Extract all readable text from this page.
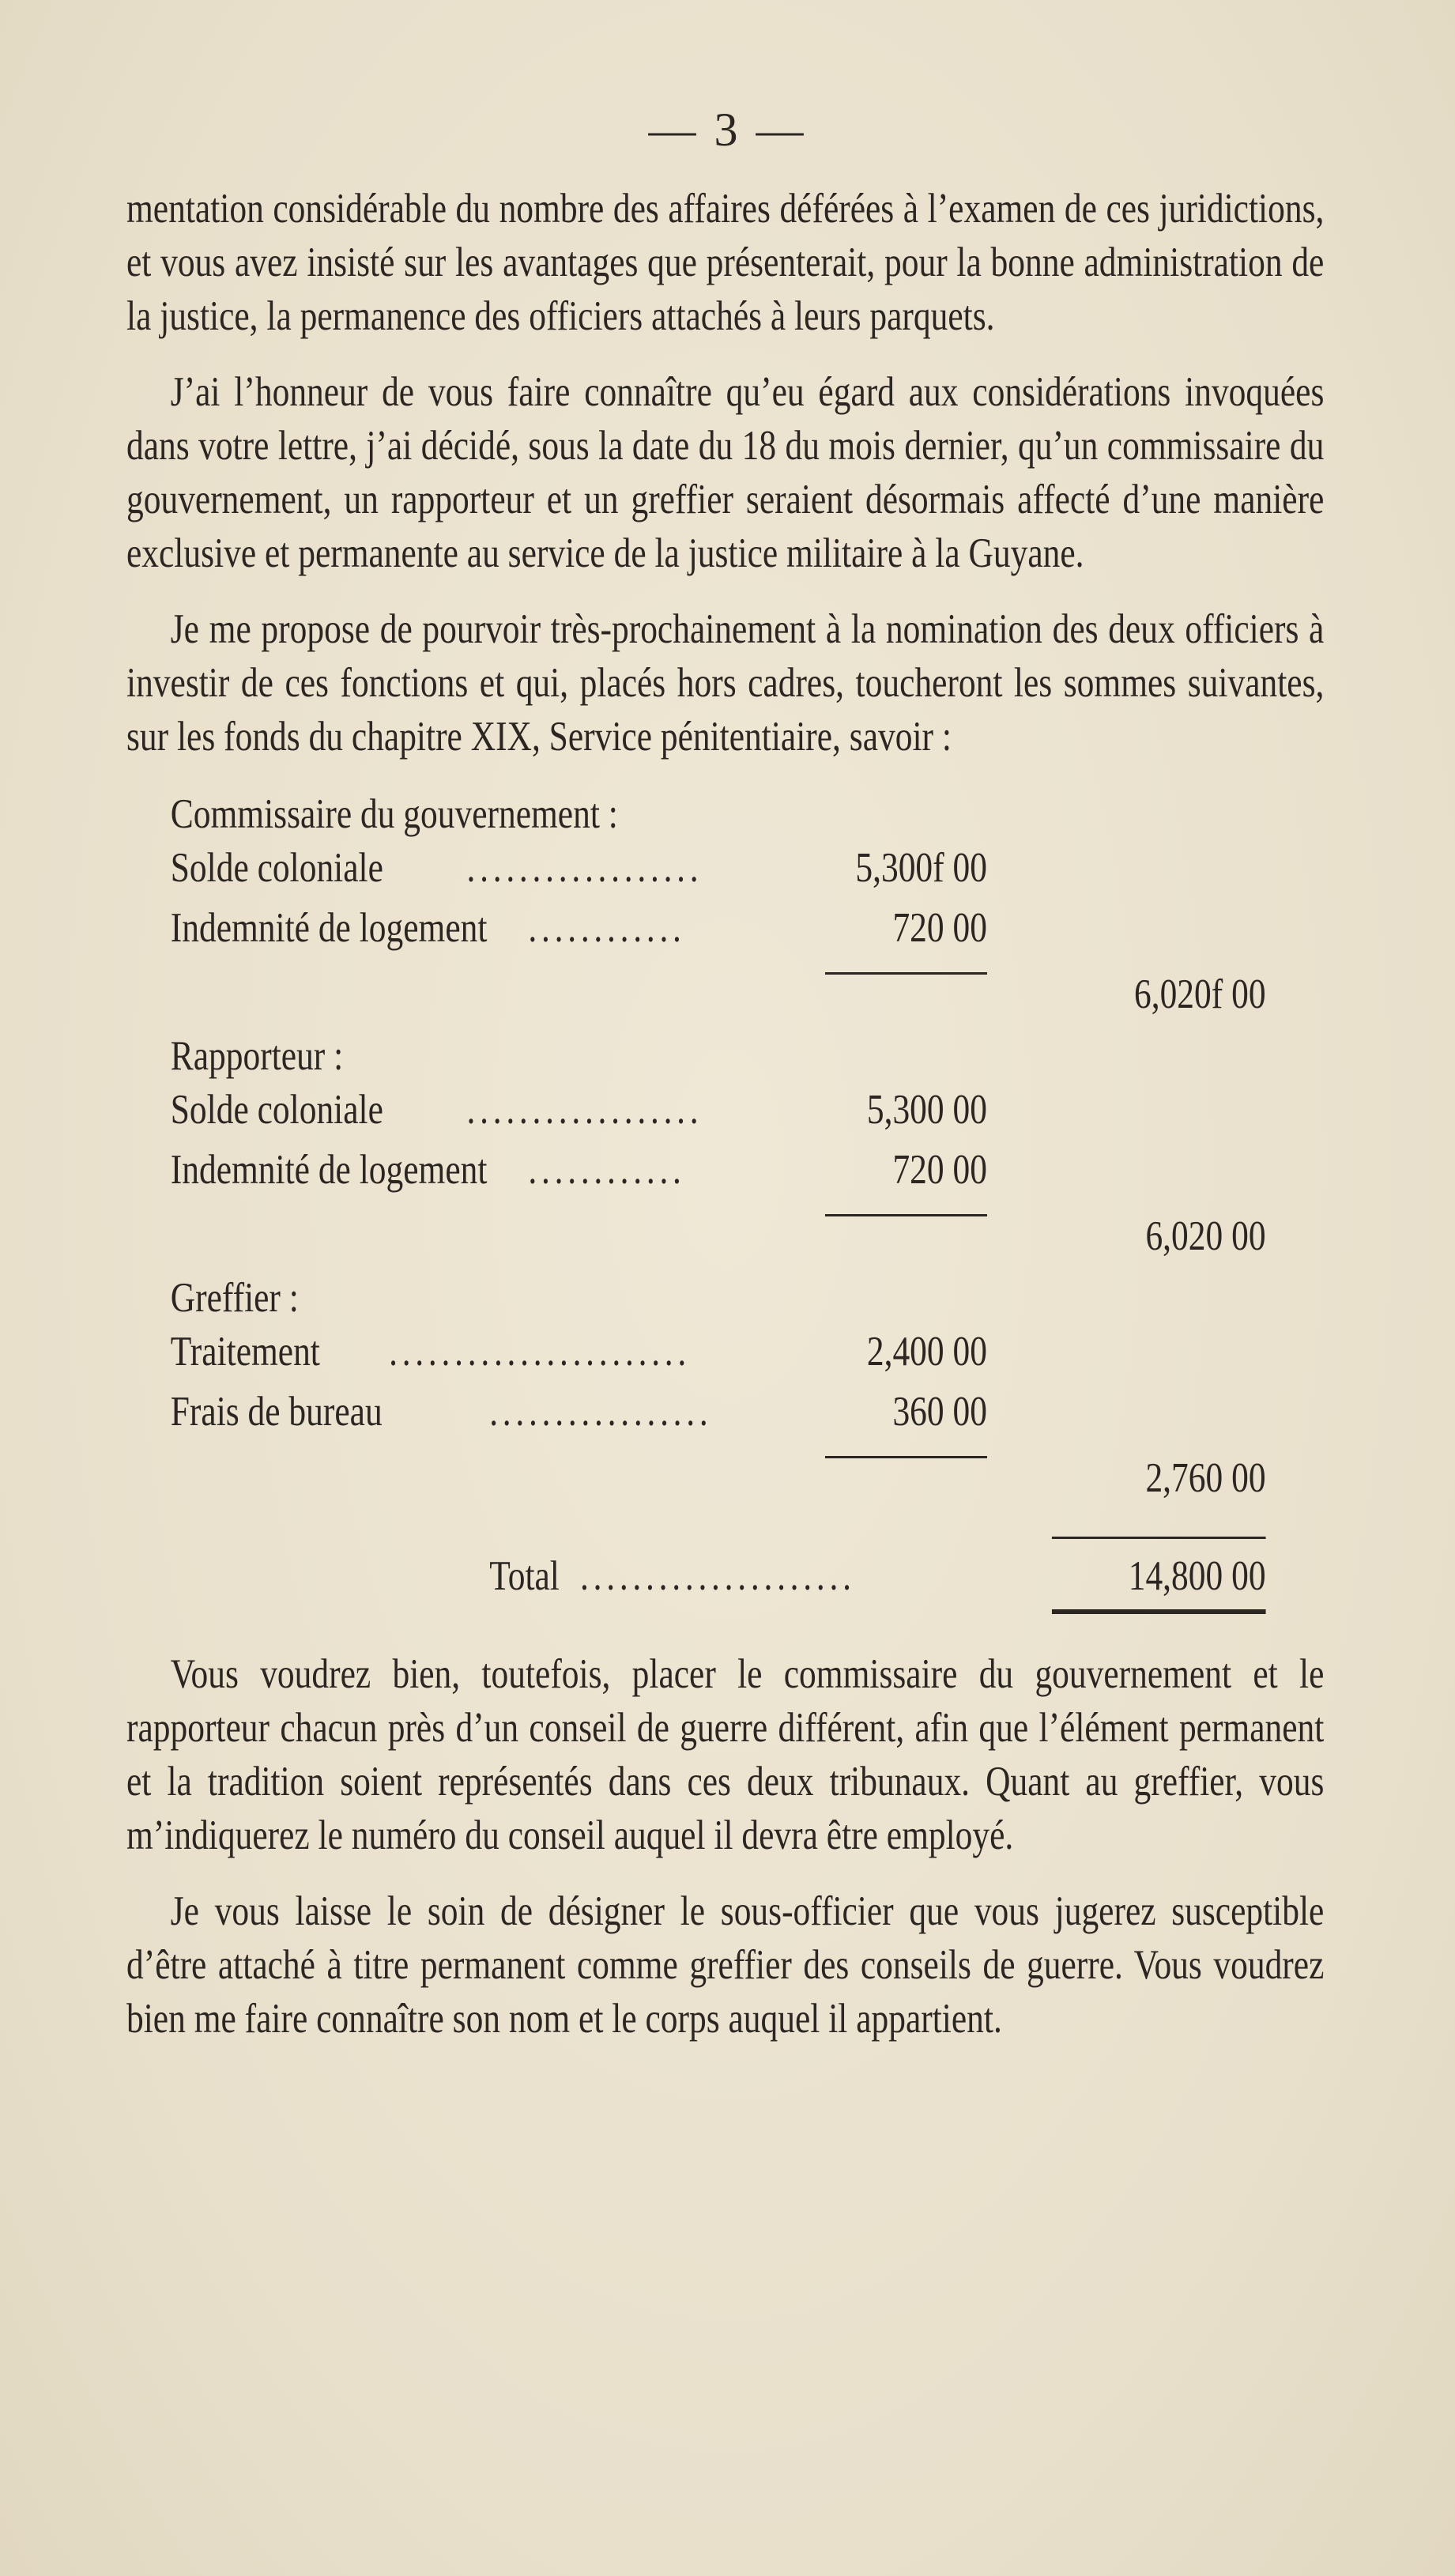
— 3 —

mentation considérable du nombre des affaires déférées à l’examen de ces juridictions, et vous avez insisté sur les avantages que présenterait, pour la bonne administration de la justice, la permanence des officiers attachés à leurs parquets.

J’ai l’honneur de vous faire connaître qu’eu égard aux considérations invoquées dans votre lettre, j’ai décidé, sous la date du 18 du mois dernier, qu’un commissaire du gouvernement, un rapporteur et un greffier seraient désormais affecté d’une manière exclusive et permanente au service de la justice militaire à la Guyane.

Je me propose de pourvoir très-prochainement à la nomination des deux officiers à investir de ces fonctions et qui, placés hors cadres, toucheront les sommes suivantes, sur les fonds du chapitre XIX, Service pénitentiaire, savoir :

Commissaire du gouvernement :

Solde coloniale ..................	5,300f 00
Indemnité de logement ............	720 00
6,020f 00

Rapporteur :

Solde coloniale ..................	5,300 00
Indemnité de logement ............	720 00
6,020 00

Greffier :

Traitement .......................	2,400 00
Frais de bureau	.................	360 00
2,760 00
Total .....................	14,800 00

Vous voudrez bien, toutefois, placer le commissaire du gouvernement et le rapporteur chacun près d’un conseil de guerre différent, afin que l’élément permanent et la tradition soient représentés dans ces deux tribunaux. Quant au greffier, vous m’indiquerez le numéro du conseil auquel il devra être employé.

Je vous laisse le soin de désigner le sous-officier que vous jugerez susceptible d’être attaché à titre permanent comme greffier des conseils de guerre. Vous voudrez bien me faire connaître son nom et le corps auquel il appartient.
